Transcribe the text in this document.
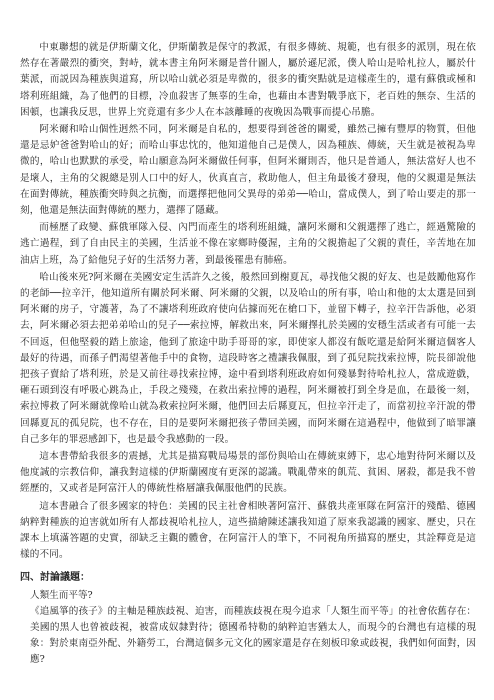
中東聯想的就是伊斯蘭文化，伊斯蘭教是保守的教派，有很多傳統、規範，也有很多的派別，現在依然存在著嚴烈的衝突，對峙，就本書主角阿米爾是普什圖人，屬於遜尼派，僕人哈山是哈札拉人，屬於什葉派，而説因為種族與道寫，所以哈山就必須是卑微的，很多的衝突點就是這樣產生的，還有蘇俄或極和塔利班組織，為了他們的目標，冷血殺害了無辜的生命，也藉由本書對戰爭底下，老百姓的無奈、生活的困頓，也讓我反思，世界上究竟還有多少人在本該離睡的夜晚因為戰事而提心吊膽。

阿米爾和哈山個性迥然不同，阿米爾是自私的，想要得到爸爸的關愛，雖然己擁有豐厚的物質，但他還是忌妒爸爸對哈山的好；而哈山事忠忱的，他知道他自己是僕人，因為種族、傳統，天生就是被視為卑微的，哈山也默默的承受，哈山願意為阿米爾做任何事，但阿米爾則否，他只是普通人，無法當好人也不是壞人，主角的父親總是別人口中的好人，伙真直言，救助他人，但主角最後才發現，他的父親還是無法在面對傳統，種族衝突時與之抗衡，而選擇把他同父異母的弟弟──哈山，當成僕人，到了哈山要走的那一刻，他還是無法面對傳統的壓力，選擇了隱藏。

而極歷了政變、蘇俄軍隊入侵、內門而產生的塔利班組織，讓阿米爾和父親選擇了逃亡，經過驚險的逃亡過程，到了自由民主的美國，生活並不像在家鄉時優渥，主角的父親擔起了父親的責任，辛苦地在加油店上班，為了給他兒子好的生活努力著，到最後罹患有肺癌。

哈山後來死?阿米爾在美國安定生活許久之後，般然回到榭夏瓦，尋找他父親的好友、也是鼓勵他寫作的老師──拉辛汗，他知道所有關於阿米爾、阿米爾的父親，以及哈山的所有事，哈山和他的太太選是回到阿米爾的房子，守護著，為了不讓塔利班政府使向佔據而死在槍口下，並留下轉子，拉辛汗告訴他，必須去，阿米爾必須去把弟弟哈山的兒子──索拉博，解救出來，阿米爾擇扎於美國的安穩生活或者有可能一去不回返，但他堅毅的踏上旅途，他到了旅途中助手哥哥的家，即使家人都沒有飯吃還是給阿米爾這個客人最好的待遇，而孫子們渴望著他手中的食物，這段時客之禮讓我佩服，到了孤兒院找索拉博，院長卻說他把孩子賣給了塔利班，於是又前往尋找索拉博，途中看到塔利班政府如何殘暴對待哈札拉人，當成遊戲，砸石頭到沒有呼吸心跳為止，手段之殘殘，在救出索拉博的過程，阿米爾被打到全身是血，在最後一刻，索拉博救了阿米爾就像哈山就為救索拉阿米爾，他們回去后縣夏瓦，但拉辛汗走了，而當初拉辛汗說的帶回縣夏瓦的孤兒院，也不存在，目的是要阿米爾把孩子帶回美國，而阿米爾在這過程中，他做到了暗罪讓自己多年的罪惡感卸下，也是最令我感動的一段。

這本書帶給我很多的震撼，尤其是描寫戰局場景的部份與哈山在傳統束縛下，忠心地對待阿米爾以及他度誠的宗教信仰，讓我對這樣的伊斯蘭國度有更深的認識。戰亂帶來的飢荒、貧困、屠殺，都是我不曾經歷的，又或者是阿富汗人的傳統性格層讓我佩服他們的民族。

這本書融合了很多國家的特色：美國的民主社會相映著阿富汗、蘇俄共產軍隊在阿富汗的殘酷、德國納粹對種族的迫害就如所有人都歧視哈札拉人，這些描繪陳述讓我知道了原來我認識的國家、歷史，只在課本上填滿答題的史實，卻缺乏主觀的體會，在阿富汗人的筆下，不同視角所描寫的歷史，其詮釋竟是這樣的不同。

四、討論議題：

人類生而平等?

《追風箏的孩子》的主軸是種族歧視、迫害，而種族歧視在現今追求「人類生而平等」的社會依舊存在：美國的黑人也曾被歧視，被當成奴隸對待；德國希特勒的納粹迫害猶太人，而現今的台灣也有這樣的現象：對於東南亞外配、外籍勞工，台灣這個多元文化的國家還是存在刻板印象或歧視，我們如何面對，因應?
